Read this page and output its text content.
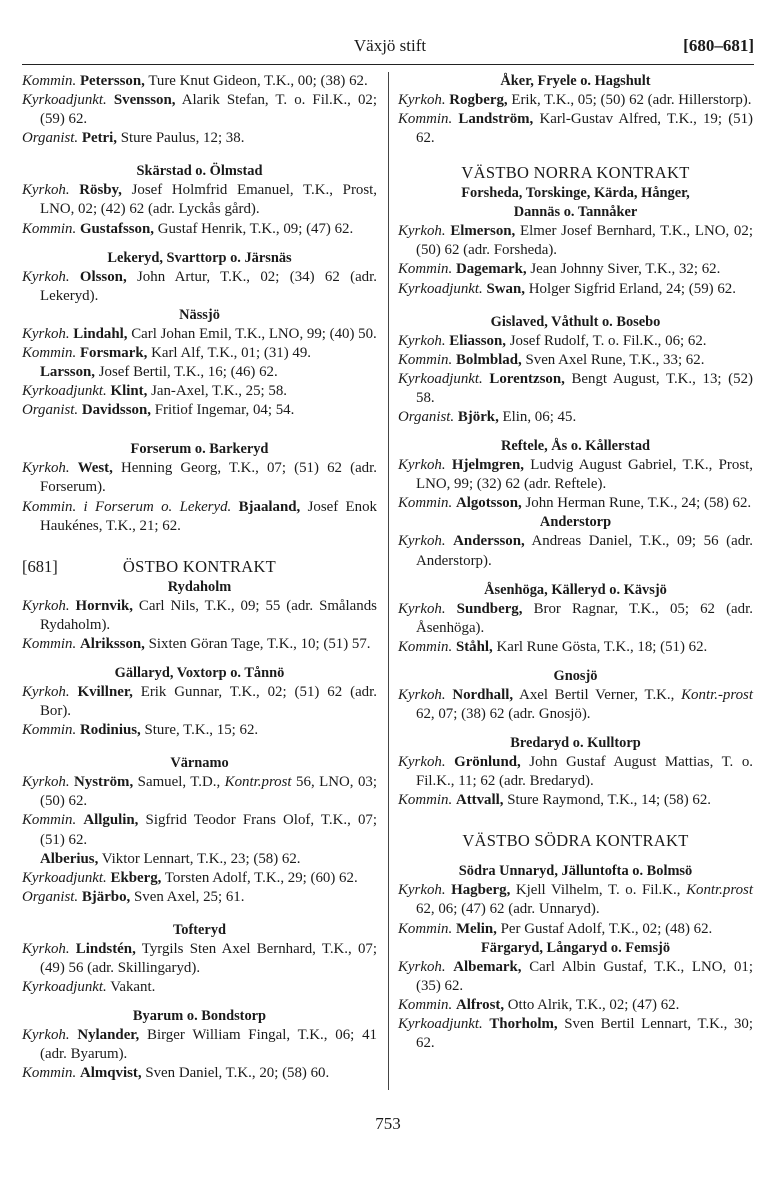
Växjö stift	[680–681]
Kommin. Petersson, Ture Knut Gideon, T.K., 00; (38) 62.
Kyrkoadjunkt. Svensson, Alarik Stefan, T. o. Fil.K., 02; (59) 62.
Organist. Petri, Sture Paulus, 12; 38.
Skärstad o. Ölmstad
Kyrkoh. Rösby, Josef Holmfrid Emanuel, T.K., Prost, LNO, 02; (42) 62 (adr. Lyckås gård).
Kommin. Gustafsson, Gustaf Henrik, T.K., 09; (47) 62.
Lekeryd, Svarttorp o. Järsnäs
Kyrkoh. Olsson, John Artur, T.K., 02; (34) 62 (adr. Lekeryd).
Nässjö
Kyrkoh. Lindahl, Carl Johan Emil, T.K., LNO, 99; (40) 50.
Kommin. Forsmark, Karl Alf, T.K., 01; (31) 49.
Larsson, Josef Bertil, T.K., 16; (46) 62.
Kyrkoadjunkt. Klint, Jan-Axel, T.K., 25; 58.
Organist. Davidsson, Fritiof Ingemar, 04; 54.
Forserum o. Barkeryd
Kyrkoh. West, Henning Georg, T.K., 07; (51) 62 (adr. Forserum).
Kommin. i Forserum o. Lekeryd. Bjaaland, Josef Enok Haukénes, T.K., 21; 62.
[681]	ÖSTBO KONTRAKT
Rydaholm
Kyrkoh. Hornvik, Carl Nils, T.K., 09; 55 (adr. Smålands Rydaholm).
Kommin. Alriksson, Sixten Göran Tage, T.K., 10; (51) 57.
Gällaryd, Voxtorp o. Tånnö
Kyrkoh. Kvillner, Erik Gunnar, T.K., 02; (51) 62 (adr. Bor).
Kommin. Rodinius, Sture, T.K., 15; 62.
Värnamo
Kyrkoh. Nyström, Samuel, T.D., Kontr.prost 56, LNO, 03; (50) 62.
Kommin. Allgulin, Sigfrid Teodor Frans Olof, T.K., 07; (51) 62.
Alberius, Viktor Lennart, T.K., 23; (58) 62.
Kyrkoadjunkt. Ekberg, Torsten Adolf, T.K., 29; (60) 62.
Organist. Bjärbo, Sven Axel, 25; 61.
Tofteryd
Kyrkoh. Lindstén, Tyrgils Sten Axel Bernhard, T.K., 07; (49) 56 (adr. Skillingaryd).
Kyrkoadjunkt. Vakant.
Byarum o. Bondstorp
Kyrkoh. Nylander, Birger William Fingal, T.K., 06; 41 (adr. Byarum).
Kommin. Almqvist, Sven Daniel, T.K., 20; (58) 60.
Åker, Fryele o. Hagshult
Kyrkoh. Rogberg, Erik, T.K., 05; (50) 62 (adr. Hillerstorp).
Kommin. Landström, Karl-Gustav Alfred, T.K., 19; (51) 62.
VÄSTBO NORRA KONTRAKT
Forsheda, Torskinge, Kärda, Hånger,
Dannäs o. Tannåker
Kyrkoh. Elmerson, Elmer Josef Bernhard, T.K., LNO, 02; (50) 62 (adr. Forsheda).
Kommin. Dagemark, Jean Johnny Siver, T.K., 32; 62.
Kyrkoadjunkt. Swan, Holger Sigfrid Erland, 24; (59) 62.
Gislaved, Våthult o. Bosebo
Kyrkoh. Eliasson, Josef Rudolf, T. o. Fil.K., 06; 62.
Kommin. Bolmblad, Sven Axel Rune, T.K., 33; 62.
Kyrkoadjunkt. Lorentzson, Bengt August, T.K., 13; (52) 58.
Organist. Björk, Elin, 06; 45.
Reftele, Ås o. Kållerstad
Kyrkoh. Hjelmgren, Ludvig August Gabriel, T.K., Prost, LNO, 99; (32) 62 (adr. Reftele).
Kommin. Algotsson, John Herman Rune, T.K., 24; (58) 62.
Anderstorp
Kyrkoh. Andersson, Andreas Daniel, T.K., 09; 56 (adr. Anderstorp).
Åsenhöga, Källeryd o. Kävsjö
Kyrkoh. Sundberg, Bror Ragnar, T.K., 05; 62 (adr. Åsenhöga).
Kommin. Ståhl, Karl Rune Gösta, T.K., 18; (51) 62.
Gnosjö
Kyrkoh. Nordhall, Axel Bertil Verner, T.K., Kontr.-prost 62, 07; (38) 62 (adr. Gnosjö).
Bredaryd o. Kulltorp
Kyrkoh. Grönlund, John Gustaf August Mattias, T. o. Fil.K., 11; 62 (adr. Bredaryd).
Kommin. Attvall, Sture Raymond, T.K., 14; (58) 62.
VÄSTBO SÖDRA KONTRAKT
Södra Unnaryd, Jälluntofta o. Bolmsö
Kyrkoh. Hagberg, Kjell Vilhelm, T. o. Fil.K., Kontr.prost 62, 06; (47) 62 (adr. Unnaryd).
Kommin. Melin, Per Gustaf Adolf, T.K., 02; (48) 62.
Färgaryd, Långaryd o. Femsjö
Kyrkoh. Albemark, Carl Albin Gustaf, T.K., LNO, 01; (35) 62.
Kommin. Alfrost, Otto Alrik, T.K., 02; (47) 62.
Kyrkoadjunkt. Thorholm, Sven Bertil Lennart, T.K., 30; 62.
753
